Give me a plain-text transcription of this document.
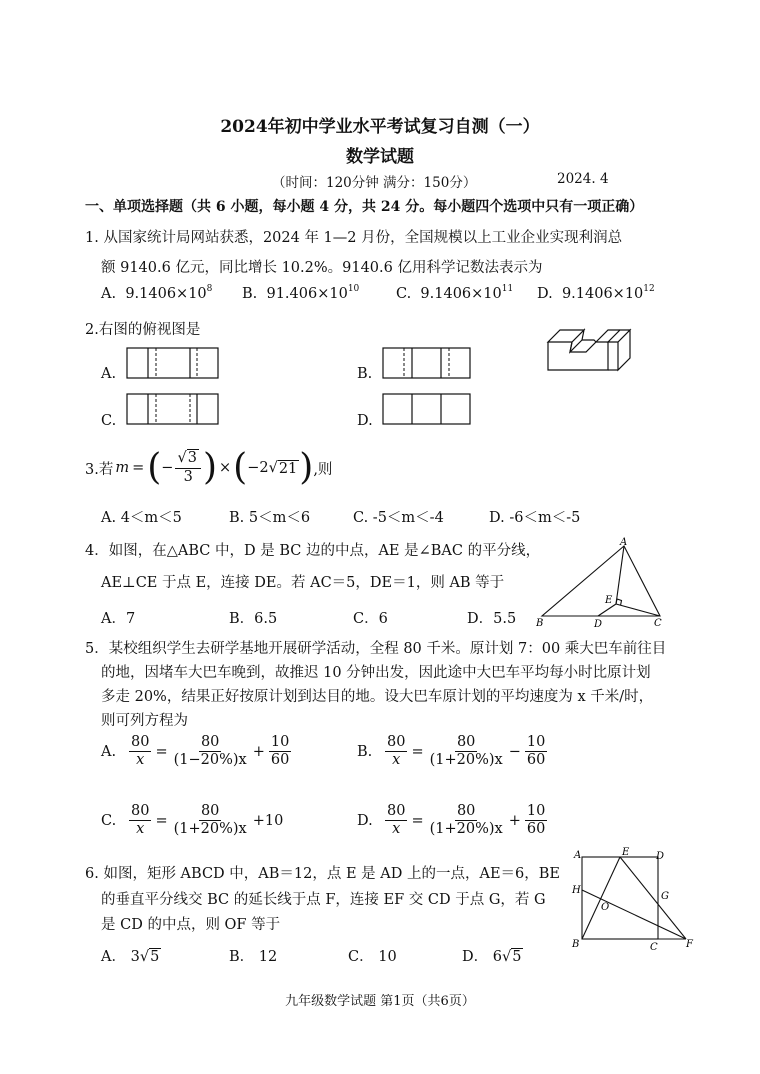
2024年初中学业水平考试复习自测（一）
数学试题
（时间：120分钟 满分：150分）	2024. 4
一、单项选择题（共 6 小题，每小题 4 分，共 24 分。每小题四个选项中只有一项正确）
1. 从国家统计局网站获悉，2024 年 1—2 月份，全国规模以上工业企业实现利润总
额 9140.6 亿元，同比增长 10.2%。9140.6 亿用科学记数法表示为
A. $9.1406\times 10^8$ B. $91.406\times 10^{10}$	C. $9.1406\times 10^{11}$ D. $9.1406\times 10^{12}$
2.右图的俯视图是
A.	B.
C.	D.
3.若 m = ( − $\frac{√3}{3}$ ) × ( −2 √ 21 ) ,则
A. 4＜m＜5	B. 5＜m＜6	C. -5＜m＜-4	D. -6＜m＜-5
4．如图，在△ABC 中，D 是 BC 边的中点，AE 是∠BAC 的平分线，
AE⊥CE 于点 E，连接 DE。若 AC＝5，DE＝1，则 AB 等于
A．7	B．6.5	C．6	D．5.5
A
B	C
D
E
5．某校组织学生去研学基地开展研学活动，全程 80 千米。原计划 7：00 乘大巴车前往目
的地，因堵车大巴车晚到，故推迟 10 分钟出发，因此途中大巴车平均每小时比原计划
多走 20%，结果正好按原计划到达目的地。设大巴车原计划的平均速度为 x 千米/时，
则可列方程为
A. $\frac{80}{x} = \frac{80}{(1-20\%)x} + \frac{10}{60}$	B. $\frac{80}{x} = \frac{80}{(1+20\%)x} - \frac{10}{60}$
C. $\frac{80}{x} = \frac{80}{(1+20\%)x} +10$	D. $\frac{80}{x} = \frac{80}{(1+20\%)x} + \frac{10}{60}$
6. 如图，矩形 ABCD 中，AB＝12，点 E 是 AD 上的一点，AE＝6，BE
的垂直平分线交 BC 的延长线于点 F，连接 EF 交 CD 于点 G，若 G
是 CD 的中点，则 OF 等于
A． 3√5	B． 12	C． 10	D． 6√5
A	E	D
H
G
O
B	C	F
九年级数学试题 第1页（共6页）
